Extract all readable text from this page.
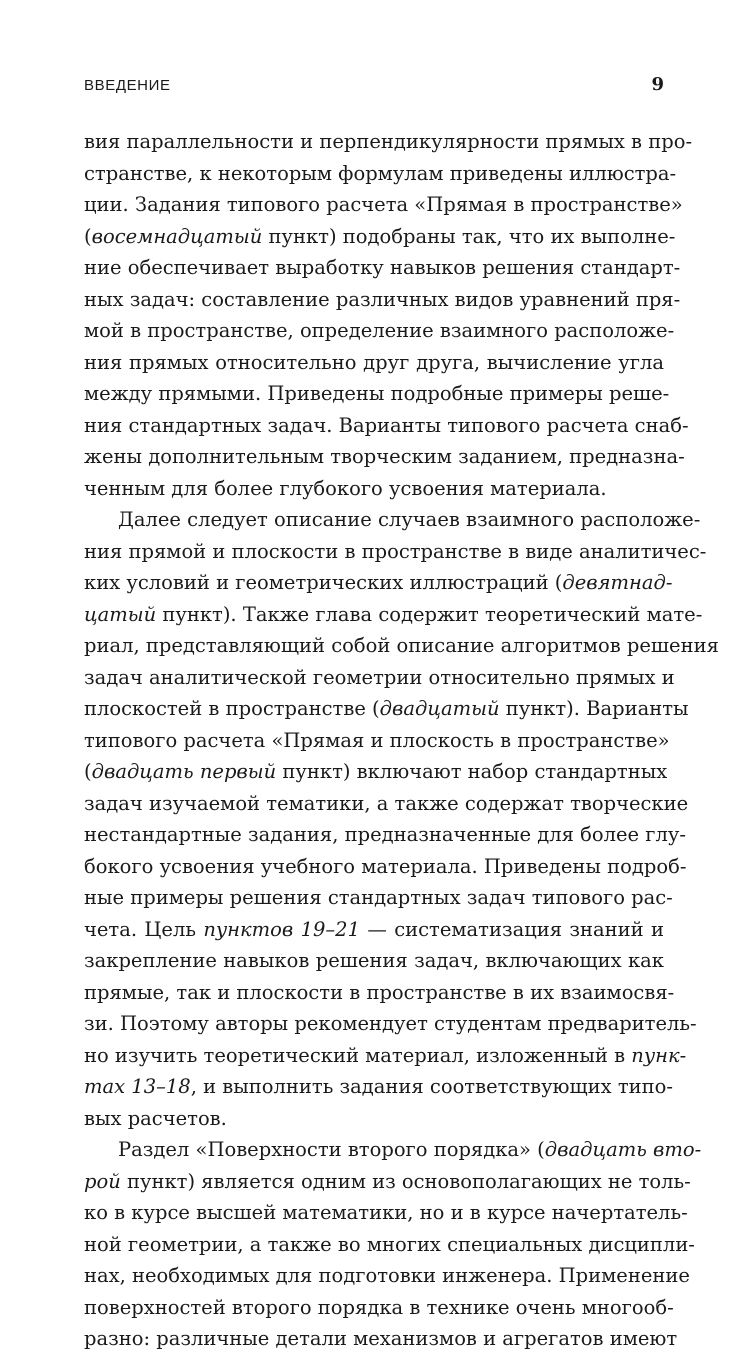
ВВЕДЕНИЕ	9
вия параллельности и перпендикулярности прямых в про-
странстве, к некоторым формулам приведены иллюстра-
ции. Задания типового расчета «Прямая в пространстве»
(восемнадцатый пункт) подобраны так, что их выполне-
ние обеспечивает выработку навыков решения стандарт-
ных задач: составление различных видов уравнений пря-
мой в пространстве, определение взаимного расположе-
ния прямых относительно друг друга, вычисление угла
между прямыми. Приведены подробные примеры реше-
ния стандартных задач. Варианты типового расчета снаб-
жены дополнительным творческим заданием, предназна-
ченным для более глубокого усвоения материала.
Далее следует описание случаев взаимного расположе-
ния прямой и плоскости в пространстве в виде аналитичес-
ких условий и геометрических иллюстраций (девятнад-
цатый пункт). Также глава содержит теоретический мате-
риал, представляющий собой описание алгоритмов решения
задач аналитической геометрии относительно прямых и
плоскостей в пространстве (двадцатый пункт). Варианты
типового расчета «Прямая и плоскость в пространстве»
(двадцать первый пункт) включают набор стандартных
задач изучаемой тематики, а также содержат творческие
нестандартные задания, предназначенные для более глу-
бокого усвоения учебного материала. Приведены подроб-
ные примеры решения стандартных задач типового рас-
чета. Цель пунктов 19–21 — систематизация знаний и
закрепление навыков решения задач, включающих как
прямые, так и плоскости в пространстве в их взаимосвя-
зи. Поэтому авторы рекомендует студентам предваритель-
но изучить теоретический материал, изложенный в пунк-
тах 13–18, и выполнить задания соответствующих типо-
вых расчетов.
Раздел «Поверхности второго порядка» (двадцать вто-
рой пункт) является одним из основополагающих не толь-
ко в курсе высшей математики, но и в курсе начертатель-
ной геометрии, а также во многих специальных дисципли-
нах, необходимых для подготовки инженера. Применение
поверхностей второго порядка в технике очень многооб-
разно: различные детали механизмов и агрегатов имеют
